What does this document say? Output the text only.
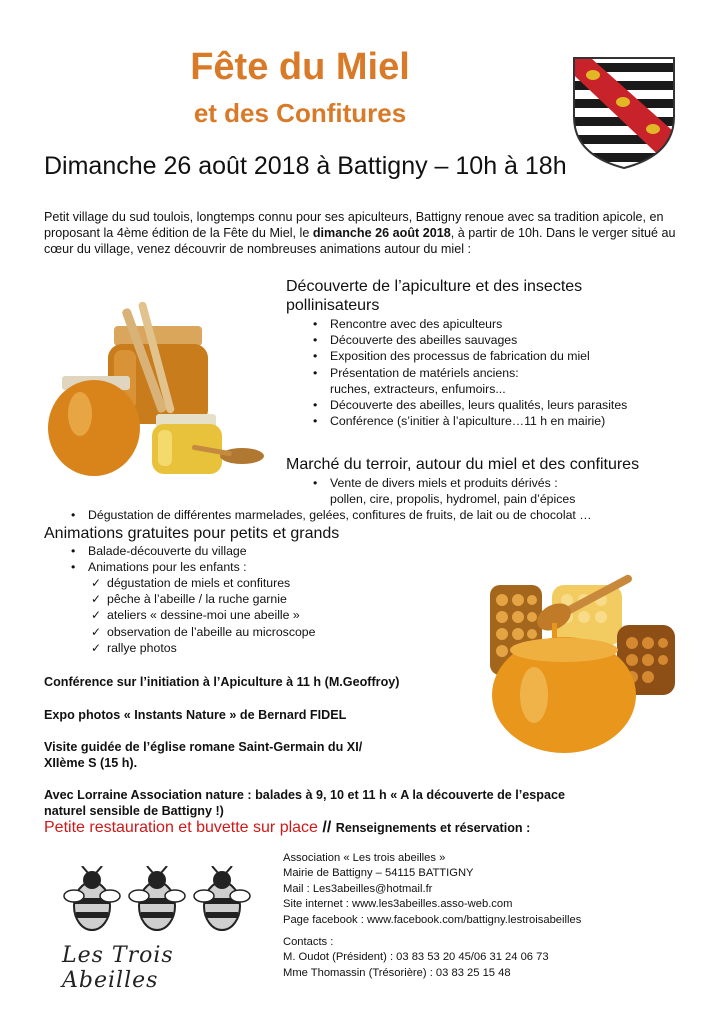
Fête du Miel
et des Confitures
Dimanche 26 août 2018 à Battigny – 10h à 18h
Petit village du sud toulois, longtemps connu pour ses apiculteurs, Battigny renoue avec sa tradition apicole, en proposant la 4ème édition de la Fête du Miel, le dimanche 26 août 2018, à partir de 10h. Dans le verger situé au cœur du village, venez découvrir de nombreuses animations autour du miel :
Découverte de l’apiculture et des insectes
pollinisateurs
• Rencontre avec des apiculteurs
• Découverte des abeilles sauvages
• Exposition des processus de fabrication du miel
• Présentation de matériels anciens:
ruches, extracteurs, enfumoirs...
• Découverte des abeilles, leurs qualités, leurs parasites
• Conférence (s’initier à l’apiculture…11 h en mairie)
Marché du terroir, autour du miel et des confitures
• Vente de divers miels et produits dérivés :
pollen, cire, propolis, hydromel, pain d’épices
• Dégustation de différentes marmelades, gelées, confitures de fruits, de lait ou de chocolat …
Animations gratuites pour petits et grands
• Balade-découverte du village
• Animations pour les enfants :
✓ dégustation de miels et confitures
✓ pêche à l’abeille / la ruche garnie
✓ ateliers « dessine-moi une abeille »
✓ observation de l’abeille au microscope
✓ rallye photos
Conférence sur l’initiation à l’Apiculture à 11 h (M.Geoffroy)
Expo photos « Instants Nature » de Bernard FIDEL
Visite guidée de l’église romane Saint-Germain du XI/
XIIème S (15 h).
Avec Lorraine Association nature : balades à 9, 10 et 11 h « A la découverte de l’espace
naturel sensible de Battigny !)
Petite restauration et buvette sur place // Renseignements et réservation :
Les Trois Abeilles
Association « Les trois abeilles »
Mairie de Battigny – 54115 BATTIGNY
Mail : Les3abeilles@hotmail.fr
Site internet : www.les3abeilles.asso-web.com
Page facebook : www.facebook.com/battigny.lestroisabeilles
Contacts :
M. Oudot (Président) : 03 83 53 20 45/06 31 24 06 73
Mme Thomassin (Trésorière) : 03 83 25 15 48
